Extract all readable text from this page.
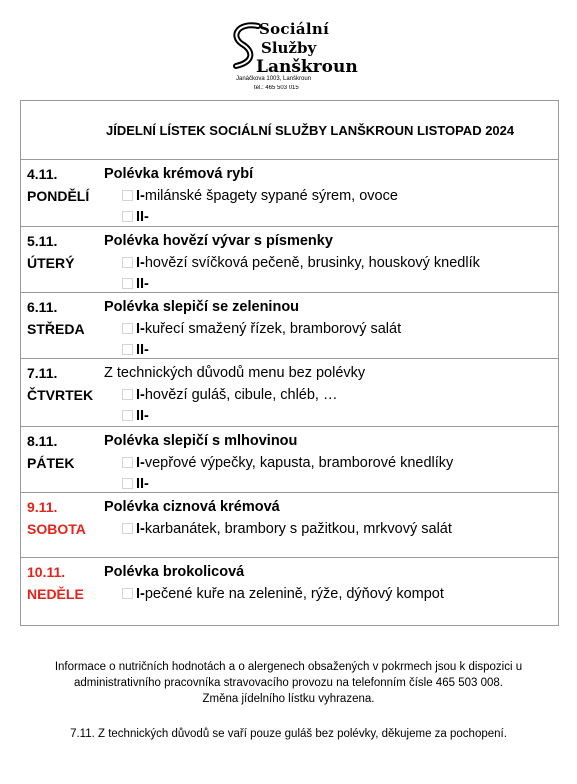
Sociální
Služby
Lanškroun
Janáčkova 1003, Lanškroun
tel.: 465 503 015
JÍDELNÍ LÍSTEK SOCIÁLNÍ SLUŽBY LANŠKROUN LISTOPAD 2024
4.11.
PONDĚLÍ
Polévka krémová rybí
I-milánské špagety sypané sýrem, ovoce
II-
5.11.
ÚTERÝ
Polévka hovězí vývar s písmenky
I-hovězí svíčková pečeně, brusinky, houskový knedlík
II-
6.11.
STŘEDA
Polévka slepičí se zeleninou
I-kuřecí smažený řízek, bramborový salát
II-
7.11.
ČTVRTEK
Z technických důvodů menu bez polévky
I-hovězí guláš, cibule, chléb, …
II-
8.11.
PÁTEK
Polévka slepičí s mlhovinou
I-vepřové výpečky, kapusta, bramborové knedlíky
II-
9.11.
SOBOTA
Polévka ciznová krémová
I-karbanátek, brambory s pažitkou, mrkvový salát
10.11.
NEDĚLE
Polévka brokolicová
I-pečené kuře na zelenině, rýže, dýňový kompot
Informace o nutričních hodnotách a o alergenech obsažených v pokrmech jsou k dispozici u
administrativního pracovníka stravovacího provozu na telefonním čísle 465 503 008.
Změna jídelního lístku vyhrazena.
7.11. Z technických důvodů se vaří pouze guláš bez polévky, děkujeme za pochopení.
